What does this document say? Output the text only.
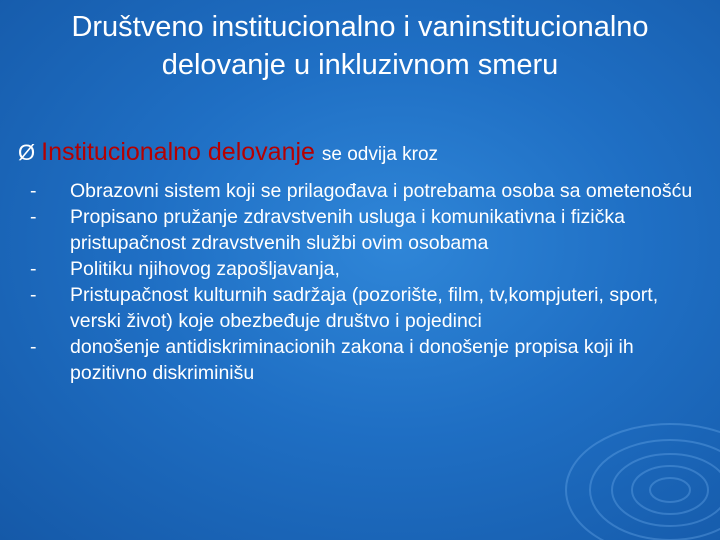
Društveno institucionalno i vaninstitucionalno delovanje u inkluzivnom smeru
Ø Institucionalno delovanje se odvija kroz
- Obrazovni sistem koji se prilagođava i potrebama osoba sa ometenošću
- Propisano pružanje zdravstvenih usluga i komunikativna i fizička pristupačnost zdravstvenih službi ovim osobama
- Politiku njihovog zapošljavanja,
- Pristupačnost kulturnih sadržaja (pozorište, film, tv,kompjuteri, sport, verski život) koje obezbeđuje društvo i pojedinci
- donošenje antidiskriminacionih zakona i donošenje propisa koji ih pozitivno diskriminišu
